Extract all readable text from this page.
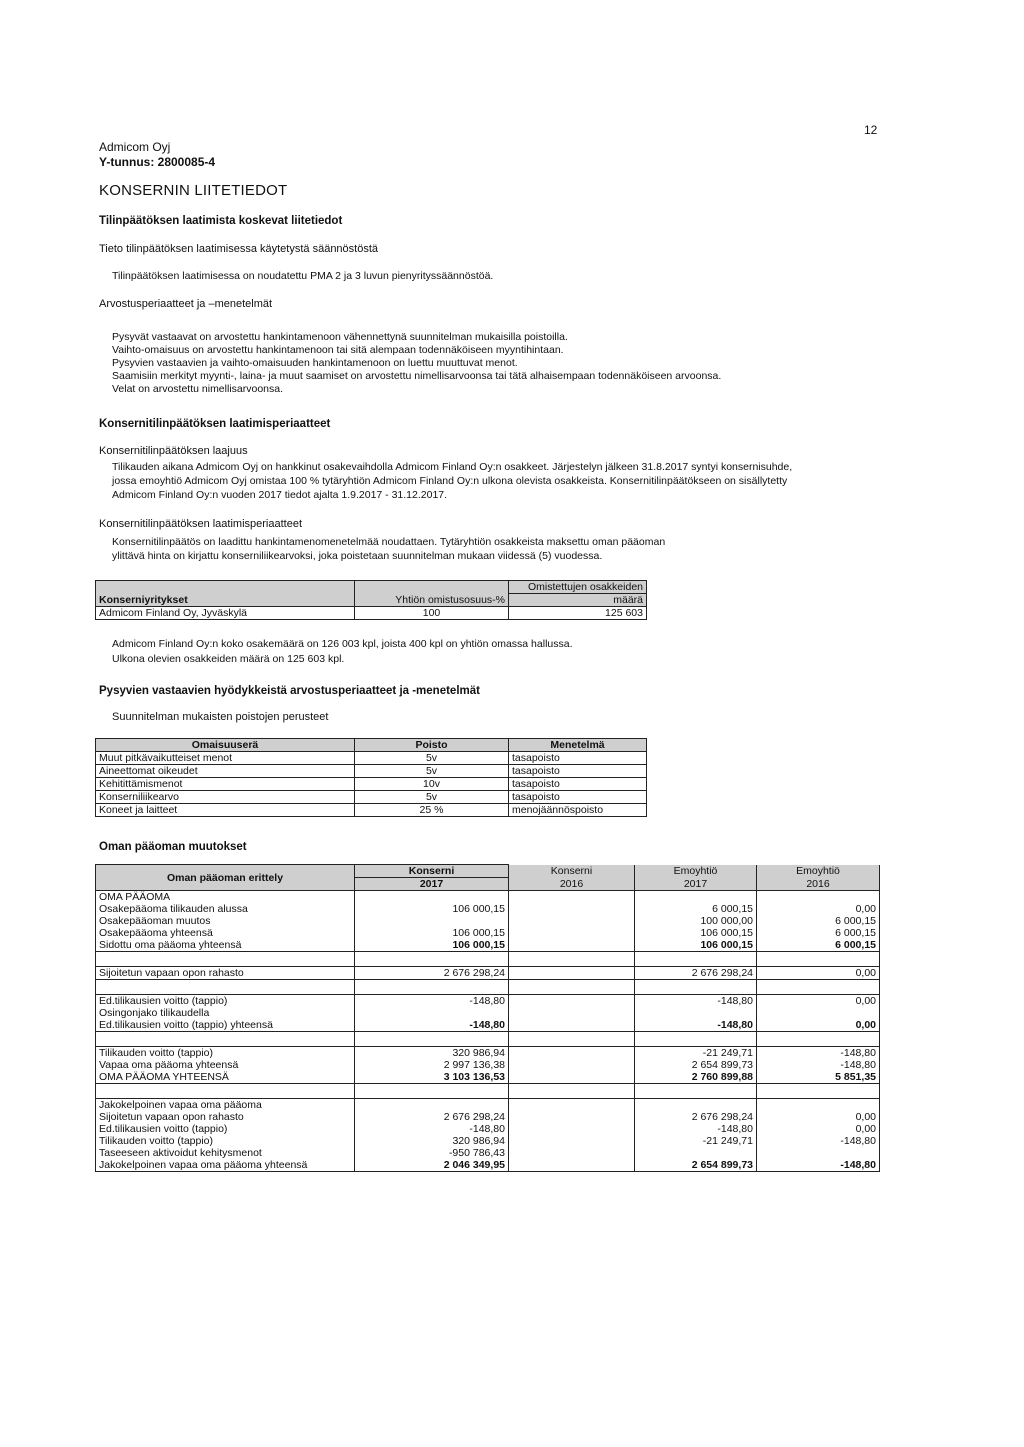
12
Admicom Oyj
Y-tunnus: 2800085-4
KONSERNIN LIITETIEDOT
Tilinpäätöksen laatimista koskevat liitetiedot
Tieto tilinpäätöksen laatimisessa käytetystä säännöstöstä
Tilinpäätöksen laatimisessa on noudatettu PMA 2 ja 3 luvun pienyrityssäännöstöä.
Arvostusperiaatteet ja –menetelmät
Pysyvät vastaavat on arvostettu hankintamenoon vähennettynä suunnitelman mukaisilla poistoilla.
Vaihto-omaisuus on arvostettu hankintamenoon tai sitä alempaan todennäköiseen myyntihintaan.
Pysyvien vastaavien ja vaihto-omaisuuden hankintamenoon on luettu muuttuvat menot.
Saamisiin merkityt myynti-, laina- ja muut saamiset on arvostettu nimellisarvoonsa tai tätä alhaisempaan todennäköiseen arvoonsa.
Velat on arvostettu nimellisarvoonsa.
Konsernitilinpäätöksen laatimisperiaatteet
Konsernitilinpäätöksen laajuus
Tilikauden aikana Admicom Oyj on hankkinut osakevaihdolla Admicom Finland Oy:n osakkeet. Järjestelyn jälkeen 31.8.2017 syntyi konsernisuhde,
jossa emoyhtiö Admicom Oyj omistaa 100 % tytäryhtiön Admicom Finland Oy:n ulkona olevista osakkeista. Konsernitilinpäätökseen on sisällytetty
Admicom Finland Oy:n vuoden 2017 tiedot ajalta 1.9.2017 - 31.12.2017.
Konsernitilinpäätöksen laatimisperiaatteet
Konsernitilinpäätös on laadittu hankintamenomenetelmää noudattaen. Tytäryhtiön osakkeista maksettu oman pääoman
ylittävä hinta on kirjattu konserniliikearvoksi, joka poistetaan suunnitelman mukaan viidessä (5) vuodessa.
Konserniyritykset	Yhtiön omistusosuus-%	Omistettujen osakkeiden
		määrä
Admicom Finland Oy, Jyväskylä	100	125 603
Admicom Finland Oy:n koko osakemäärä on 126 003 kpl, joista 400 kpl on yhtiön omassa hallussa.
Ulkona olevien osakkeiden määrä on 125 603 kpl.
Pysyvien vastaavien hyödykkeistä arvostusperiaatteet ja -menetelmät
Suunnitelman mukaisten poistojen perusteet
Omaisuuserä	Poisto	Menetelmä
Muut pitkävaikutteiset menot	5v	tasapoisto
Aineettomat oikeudet	5v	tasapoisto
Kehitittämismenot	10v	tasapoisto
Konserniliikearvo	5v	tasapoisto
Koneet ja laitteet	25 %	menojäännöspoisto
Oman pääoman muutokset
Oman pääoman erittely	Konserni	Konserni	Emoyhtiö	Emoyhtiö
	2017	2016	2017	2016
OMA PÄÄOMA				
Osakepääoma tilikauden alussa	106 000,15		6 000,15	0,00
Osakepääoman muutos			100 000,00	6 000,15
Osakepääoma yhteensä	106 000,15		106 000,15	6 000,15
Sidottu oma pääoma yhteensä	106 000,15		106 000,15	6 000,15

Sijoitetun vapaan opon rahasto	2 676 298,24		2 676 298,24	0,00

Ed.tilikausien voitto (tappio)	-148,80		-148,80	0,00
Osingonjako tilikaudella				
Ed.tilikausien voitto (tappio) yhteensä	-148,80		-148,80	0,00

Tilikauden voitto (tappio)	320 986,94		-21 249,71	-148,80
Vapaa oma pääoma yhteensä	2 997 136,38		2 654 899,73	-148,80
OMA PÄÄOMA YHTEENSÄ	3 103 136,53		2 760 899,88	5 851,35

Jakokelpoinen vapaa oma pääoma				
Sijoitetun vapaan opon rahasto	2 676 298,24		2 676 298,24	0,00
Ed.tilikausien voitto (tappio)	-148,80		-148,80	0,00
Tilikauden voitto (tappio)	320 986,94		-21 249,71	-148,80
Taseeseen aktivoidut kehitysmenot	-950 786,43			
Jakokelpoinen vapaa oma pääoma yhteensä	2 046 349,95		2 654 899,73	-148,80
